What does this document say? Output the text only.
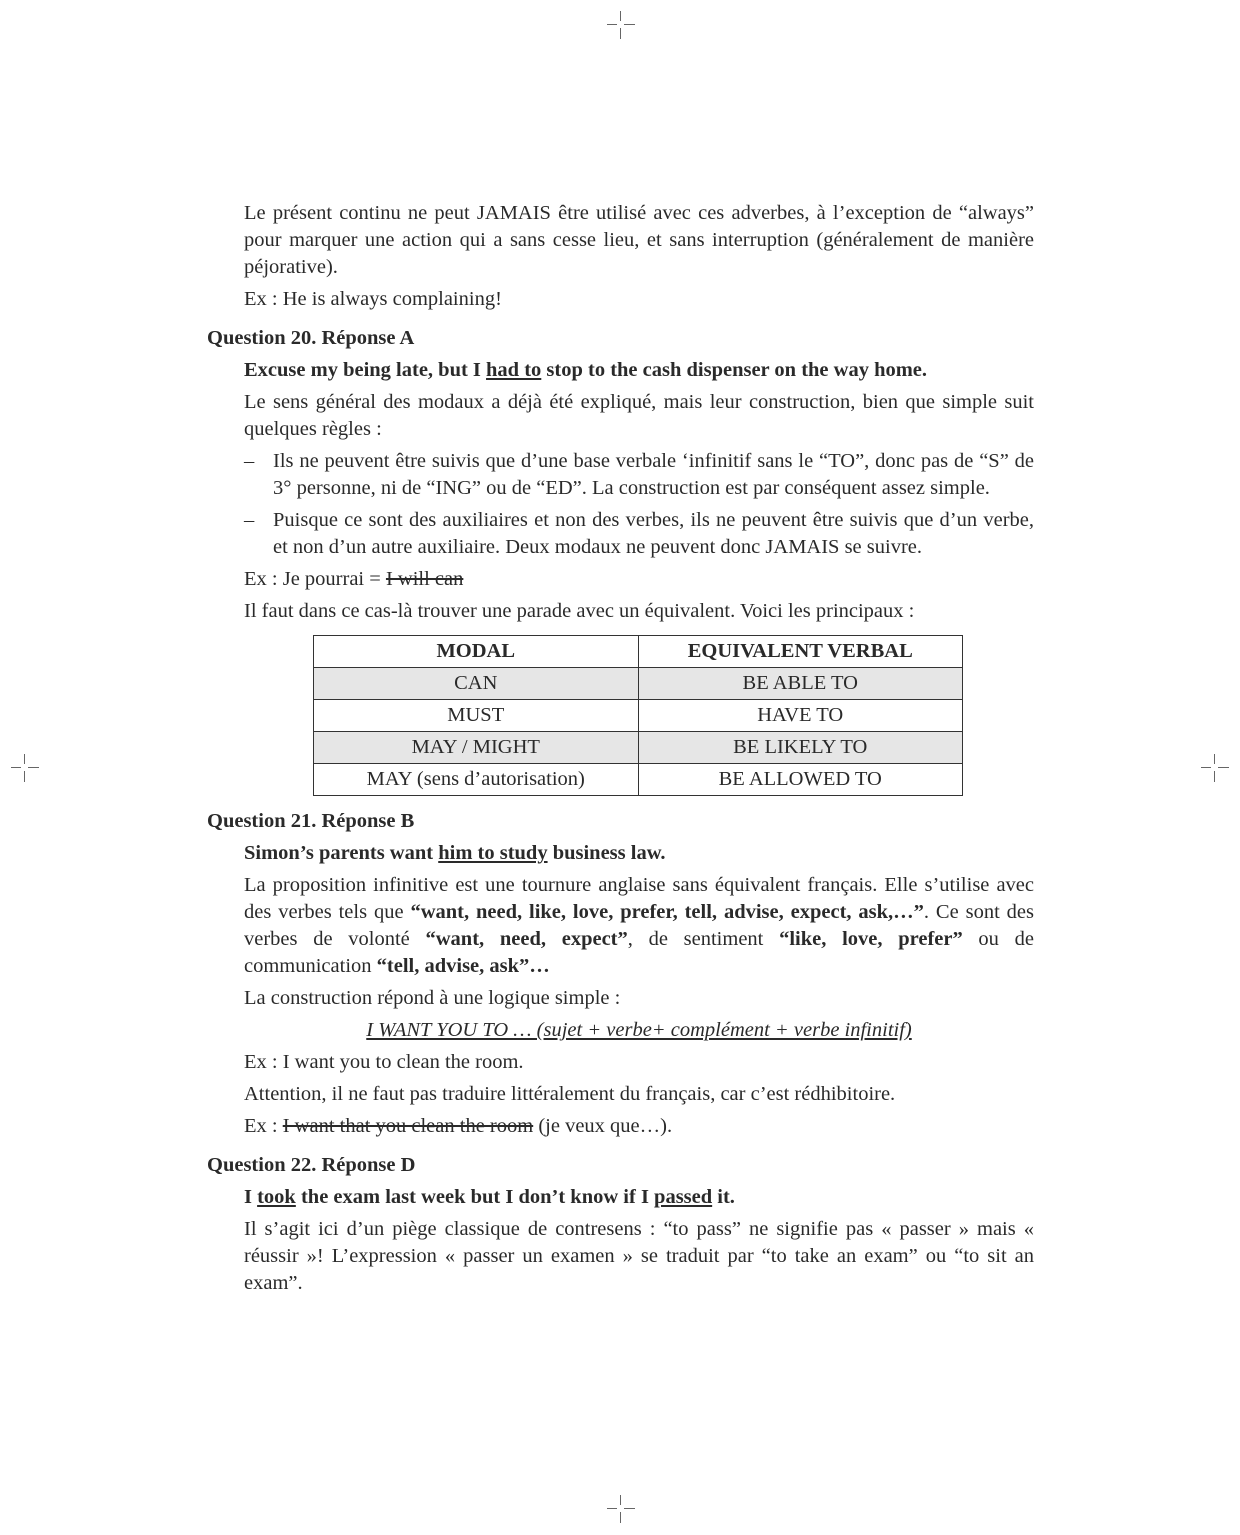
Le présent continu ne peut JAMAIS être utilisé avec ces adverbes, à l’exception de “always” pour marquer une action qui a sans cesse lieu, et sans interruption (généralement de manière péjorative).

Ex : He is always complaining!

Question 20. Réponse A

Excuse my being late, but I had to stop to the cash dispenser on the way home.

Le sens général des modaux a déjà été expliqué, mais leur construction, bien que simple suit quelques règles :

– Ils ne peuvent être suivis que d’une base verbale ‘infinitif sans le “TO”, donc pas de “S” de 3° personne, ni de “ING” ou de “ED”. La construction est par conséquent assez simple.
– Puisque ce sont des auxiliaires et non des verbes, ils ne peuvent être suivis que d’un verbe, et non d’un autre auxiliaire. Deux modaux ne peuvent donc JAMAIS se suivre.

Ex : Je pourrai = I will can

Il faut dans ce cas-là trouver une parade avec un équivalent. Voici les principaux :

MODAL	EQUIVALENT VERBAL
CAN	BE ABLE TO
MUST	HAVE TO
MAY / MIGHT	BE LIKELY TO
MAY (sens d’autorisation)	BE ALLOWED TO
Question 21. Réponse B

Simon’s parents want him to study business law.

La proposition infinitive est une tournure anglaise sans équivalent français. Elle s’utilise avec des verbes tels que “want, need, like, love, prefer, tell, advise, expect, ask,…”. Ce sont des verbes de volonté “want, need, expect”, de sentiment “like, love, prefer” ou de communication “tell, advise, ask”…

La construction répond à une logique simple :

I WANT YOU TO … (sujet + verbe+ complément + verbe infinitif)

Ex : I want you to clean the room.

Attention, il ne faut pas traduire littéralement du français, car c’est rédhibitoire.

Ex : I want that you clean the room (je veux que…).

Question 22. Réponse D

I took the exam last week but I don’t know if I passed it.

Il s’agit ici d’un piège classique de contresens : “to pass” ne signifie pas « passer » mais « réussir »! L’expression « passer un examen » se traduit par “to take an exam” ou “to sit an exam”.
